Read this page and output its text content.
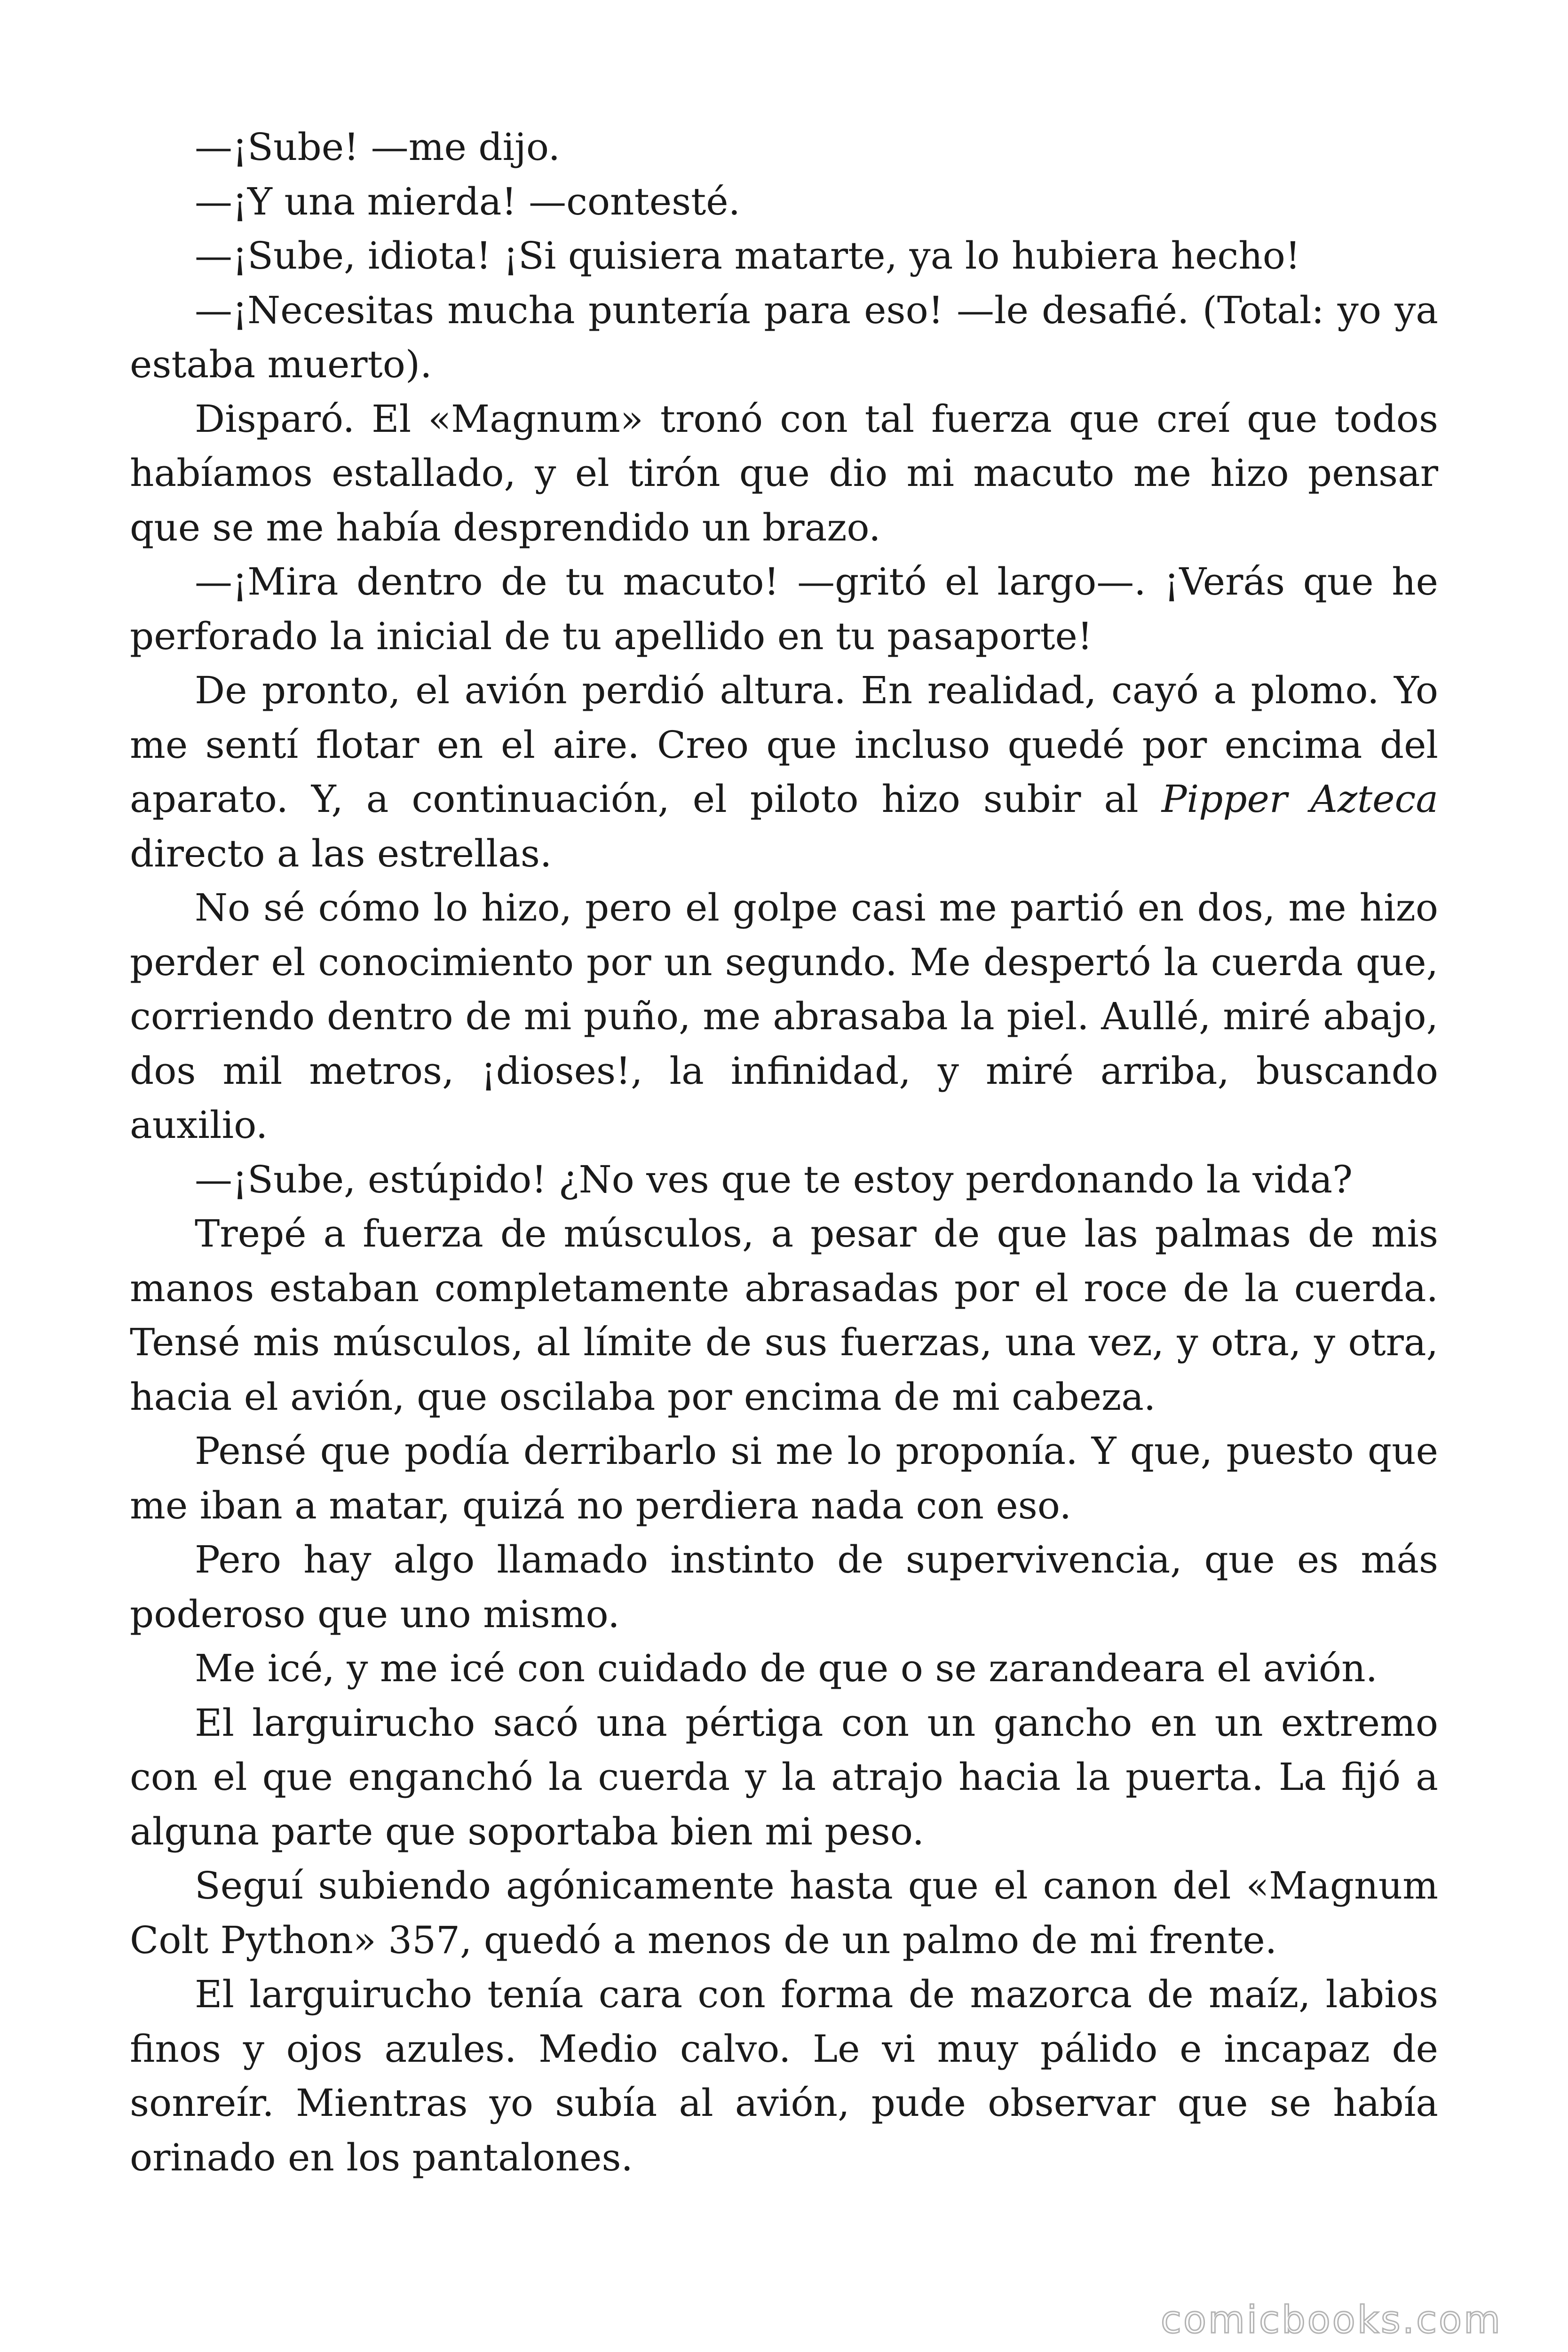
—¡Sube! —me dijo.

—¡Y una mierda! —contesté.

—¡Sube, idiota! ¡Si quisiera matarte, ya lo hubiera hecho!

—¡Necesitas mucha puntería para eso! —le desafié. (Total: yo ya estaba muerto).

Disparó. El «Magnum» tronó con tal fuerza que creí que todos habíamos estallado, y el tirón que dio mi macuto me hizo pensar que se me había desprendido un brazo.

—¡Mira dentro de tu macuto! —gritó el largo—. ¡Verás que he perforado la inicial de tu apellido en tu pasaporte!

De pronto, el avión perdió altura. En realidad, cayó a plomo. Yo me sentí flotar en el aire. Creo que incluso quedé por encima del aparato. Y, a continuación, el piloto hizo subir al Pipper Azteca directo a las estrellas.

No sé cómo lo hizo, pero el golpe casi me partió en dos, me hizo perder el conocimiento por un segundo. Me despertó la cuerda que, corriendo dentro de mi puño, me abrasaba la piel. Aullé, miré abajo, dos mil metros, ¡dioses!, la infinidad, y miré arriba, buscando auxilio.

—¡Sube, estúpido! ¿No ves que te estoy perdonando la vida?

Trepé a fuerza de músculos, a pesar de que las palmas de mis manos estaban completamente abrasadas por el roce de la cuerda. Tensé mis músculos, al límite de sus fuerzas, una vez, y otra, y otra, hacia el avión, que oscilaba por encima de mi cabeza.

Pensé que podía derribarlo si me lo proponía. Y que, puesto que me iban a matar, quizá no perdiera nada con eso.

Pero hay algo llamado instinto de supervivencia, que es más poderoso que uno mismo.

Me icé, y me icé con cuidado de que o se zarandeara el avión.

El larguirucho sacó una pértiga con un gancho en un extremo con el que enganchó la cuerda y la atrajo hacia la puerta. La fijó a alguna parte que soportaba bien mi peso.

Seguí subiendo agónicamente hasta que el canon del «Magnum Colt Python» 357, quedó a menos de un palmo de mi frente.

El larguirucho tenía cara con forma de mazorca de maíz, labios finos y ojos azules. Medio calvo. Le vi muy pálido e incapaz de sonreír. Mientras yo subía al avión, pude observar que se había orinado en los pantalones.

comicbooks.com
